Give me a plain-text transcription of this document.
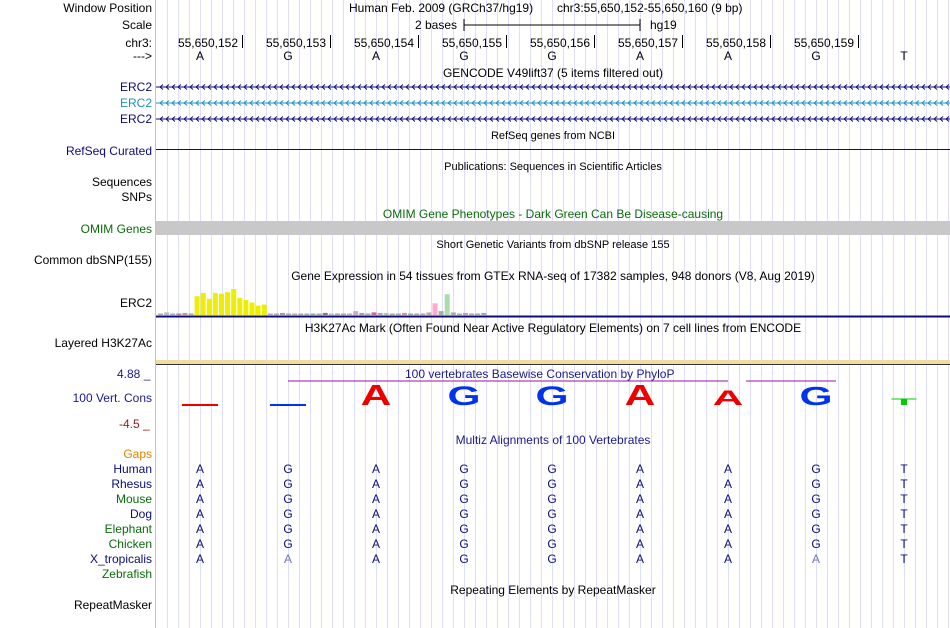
Window Position	Human Feb. 2009 (GRCh37/hg19) chr3:55,650,152-55,650,160 (9 bp)
Scale	2 bases	hg19
chr3:	55,650,152	55,650,153	55,650,154	55,650,155	55,650,156	55,650,157	55,650,158	55,650,159
--->	A	G	A	G	G	A	A	G	T
GENCODE V49lift37 (5 items filtered out)
ERC2
ERC2
ERC2
RefSeq genes from NCBI
RefSeq Curated
Publications: Sequences in Scientific Articles
Sequences
SNPs
OMIM Gene Phenotypes - Dark Green Can Be Disease-causing
OMIM Genes
Short Genetic Variants from dbSNP release 155
Common dbSNP(155)
Gene Expression in 54 tissues from GTEx RNA-seq of 17382 samples, 948 donors (V8, Aug 2019)
ERC2
H3K27Ac Mark (Often Found Near Active Regulatory Elements) on 7 cell lines from ENCODE
Layered H3K27Ac
100 vertebrates Basewise Conservation by PhyloP
4.88 _
100 Vert. Cons
-4.5 _
A G G A A G T
Multiz Alignments of 100 Vertebrates
Gaps
Human	A	G	A	G	G	A	A	G	T
Rhesus	A	G	A	G	G	A	A	G	T
Mouse	A	G	A	G	G	A	A	G	T
Dog	A	G	A	G	G	A	A	G	T
Elephant	A	G	A	G	G	A	A	G	T
Chicken	A	G	A	G	G	A	A	G	T
X_tropicalis	A	A	A	G	G	A	A	A	T
Zebrafish
Repeating Elements by RepeatMasker
RepeatMasker
